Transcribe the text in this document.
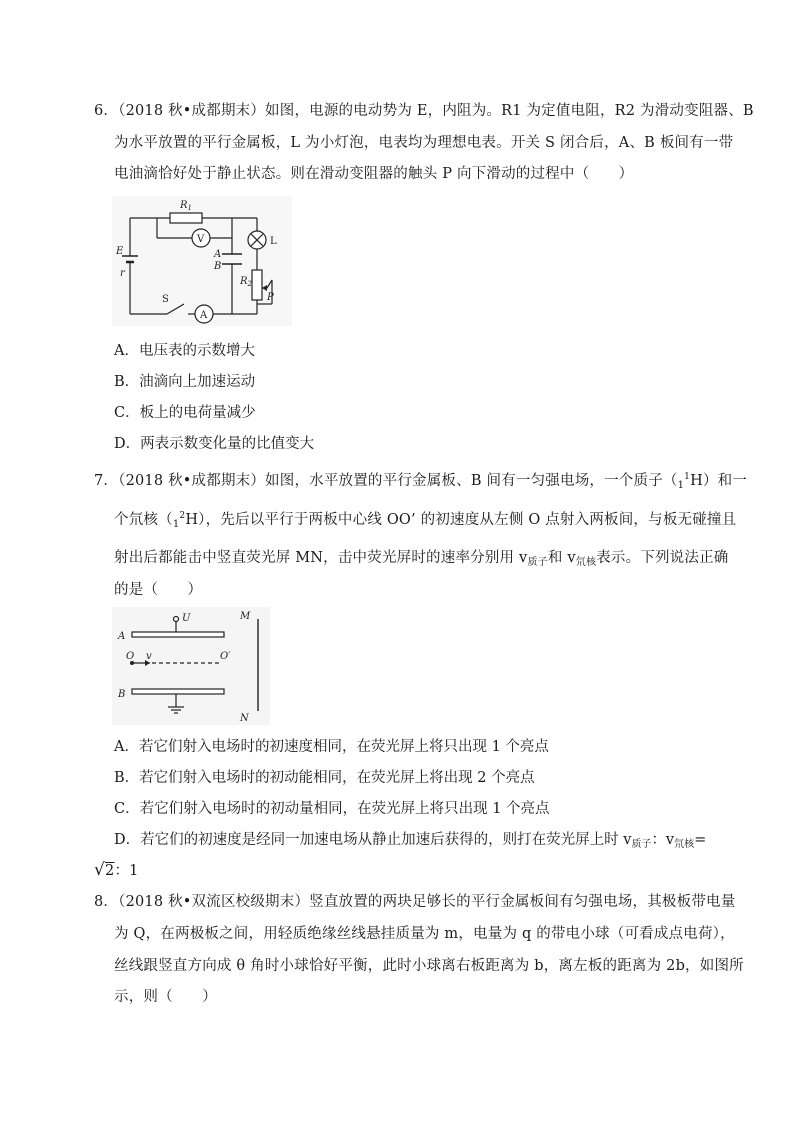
6．（2018 秋•成都期末）如图，电源的电动势为 E，内阻为。R1 为定值电阻，R2 为滑动变阻器、B
为水平放置的平行金属板，L 为小灯泡，电表均为理想电表。开关 S 闭合后，A、B 板间有一带
电油滴恰好处于静止状态。则在滑动变阻器的触头 P 向下滑动的过程中（　　）
$R_1$
V	L
E
r
A
B
$R_2$
P
S
A
A．电压表的示数增大
B．油滴向上加速运动
C．板上的电荷量减少
D．两表示数变化量的比值变大
7．（2018 秋•成都期末）如图，水平放置的平行金属板、B 间有一匀强电场，一个质子$(_1^1H)$和一
个氘核$(_1^2H)$，先后以平行于两板中心线 OO’ 的初速度从左侧 O 点射入两板间，与板无碰撞且
射出后都能击中竖直荧光屏 MN，击中荧光屏时的速率分别用 $v_{质子}$和 $v_{氘核}$表示。下列说法正确
的是（　　）
U	M
A
O v	O′
B
N
A．若它们射入电场时的初速度相同，在荧光屏上将只出现 1 个亮点
B．若它们射入电场时的初动能相同，在荧光屏上将出现 2 个亮点
C．若它们射入电场时的初动量相同，在荧光屏上将只出现 1 个亮点
D．若它们的初速度是经同一加速电场从静止加速后获得的，则打在荧光屏上时 $v_{质子}$：$v_{氘核}=$
√2：1
8．（2018 秋•双流区校级期末）竖直放置的两块足够长的平行金属板间有匀强电场，其极板带电量
为 Q，在两极板之间，用轻质绝缘丝线悬挂质量为 m，电量为 q 的带电小球（可看成点电荷），
丝线跟竖直方向成 θ 角时小球恰好平衡，此时小球离右板距离为 b，离左板的距离为 2b，如图所
示，则（　　）
